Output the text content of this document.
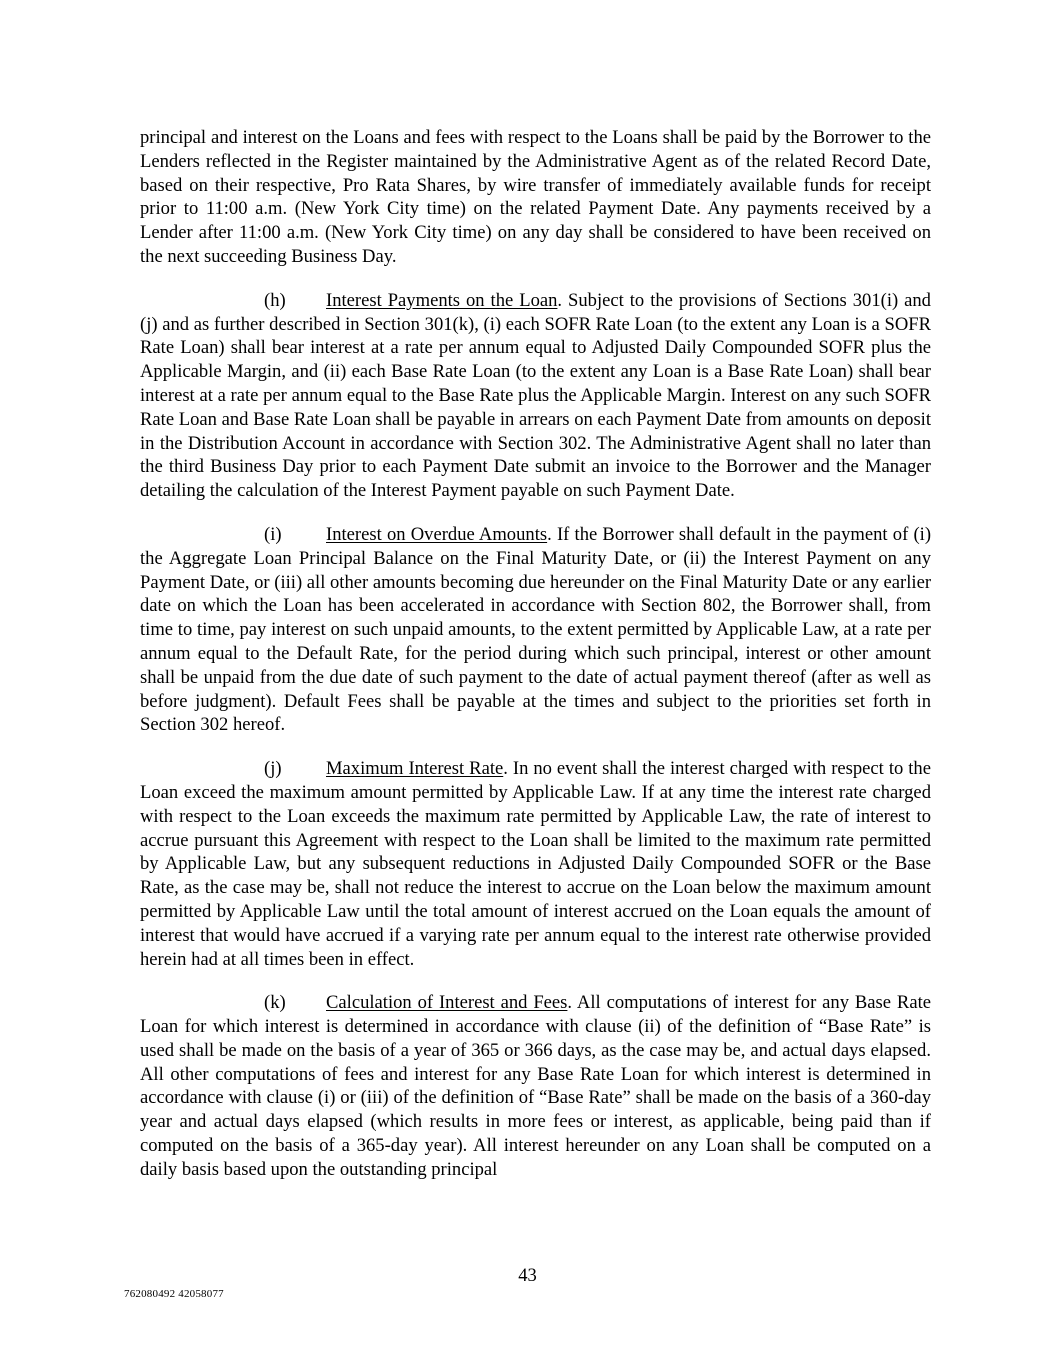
principal and interest on the Loans and fees with respect to the Loans shall be paid by the Borrower to the Lenders reflected in the Register maintained by the Administrative Agent as of the related Record Date, based on their respective, Pro Rata Shares, by wire transfer of immediately available funds for receipt prior to 11:00 a.m. (New York City time) on the related Payment Date. Any payments received by a Lender after 11:00 a.m. (New York City time) on any day shall be considered to have been received on the next succeeding Business Day.

(h) Interest Payments on the Loan. Subject to the provisions of Sections 301(i) and (j) and as further described in Section 301(k), (i) each SOFR Rate Loan (to the extent any Loan is a SOFR Rate Loan) shall bear interest at a rate per annum equal to Adjusted Daily Compounded SOFR plus the Applicable Margin, and (ii) each Base Rate Loan (to the extent any Loan is a Base Rate Loan) shall bear interest at a rate per annum equal to the Base Rate plus the Applicable Margin. Interest on any such SOFR Rate Loan and Base Rate Loan shall be payable in arrears on each Payment Date from amounts on deposit in the Distribution Account in accordance with Section 302. The Administrative Agent shall no later than the third Business Day prior to each Payment Date submit an invoice to the Borrower and the Manager detailing the calculation of the Interest Payment payable on such Payment Date.

(i) Interest on Overdue Amounts. If the Borrower shall default in the payment of (i) the Aggregate Loan Principal Balance on the Final Maturity Date, or (ii) the Interest Payment on any Payment Date, or (iii) all other amounts becoming due hereunder on the Final Maturity Date or any earlier date on which the Loan has been accelerated in accordance with Section 802, the Borrower shall, from time to time, pay interest on such unpaid amounts, to the extent permitted by Applicable Law, at a rate per annum equal to the Default Rate, for the period during which such principal, interest or other amount shall be unpaid from the due date of such payment to the date of actual payment thereof (after as well as before judgment). Default Fees shall be payable at the times and subject to the priorities set forth in Section 302 hereof.

(j) Maximum Interest Rate. In no event shall the interest charged with respect to the Loan exceed the maximum amount permitted by Applicable Law. If at any time the interest rate charged with respect to the Loan exceeds the maximum rate permitted by Applicable Law, the rate of interest to accrue pursuant this Agreement with respect to the Loan shall be limited to the maximum rate permitted by Applicable Law, but any subsequent reductions in Adjusted Daily Compounded SOFR or the Base Rate, as the case may be, shall not reduce the interest to accrue on the Loan below the maximum amount permitted by Applicable Law until the total amount of interest accrued on the Loan equals the amount of interest that would have accrued if a varying rate per annum equal to the interest rate otherwise provided herein had at all times been in effect.

(k) Calculation of Interest and Fees. All computations of interest for any Base Rate Loan for which interest is determined in accordance with clause (ii) of the definition of “Base Rate” is used shall be made on the basis of a year of 365 or 366 days, as the case may be, and actual days elapsed. All other computations of fees and interest for any Base Rate Loan for which interest is determined in accordance with clause (i) or (iii) of the definition of “Base Rate” shall be made on the basis of a 360-day year and actual days elapsed (which results in more fees or interest, as applicable, being paid than if computed on the basis of a 365-day year). All interest hereunder on any Loan shall be computed on a daily basis based upon the outstanding principal

43
762080492 42058077
